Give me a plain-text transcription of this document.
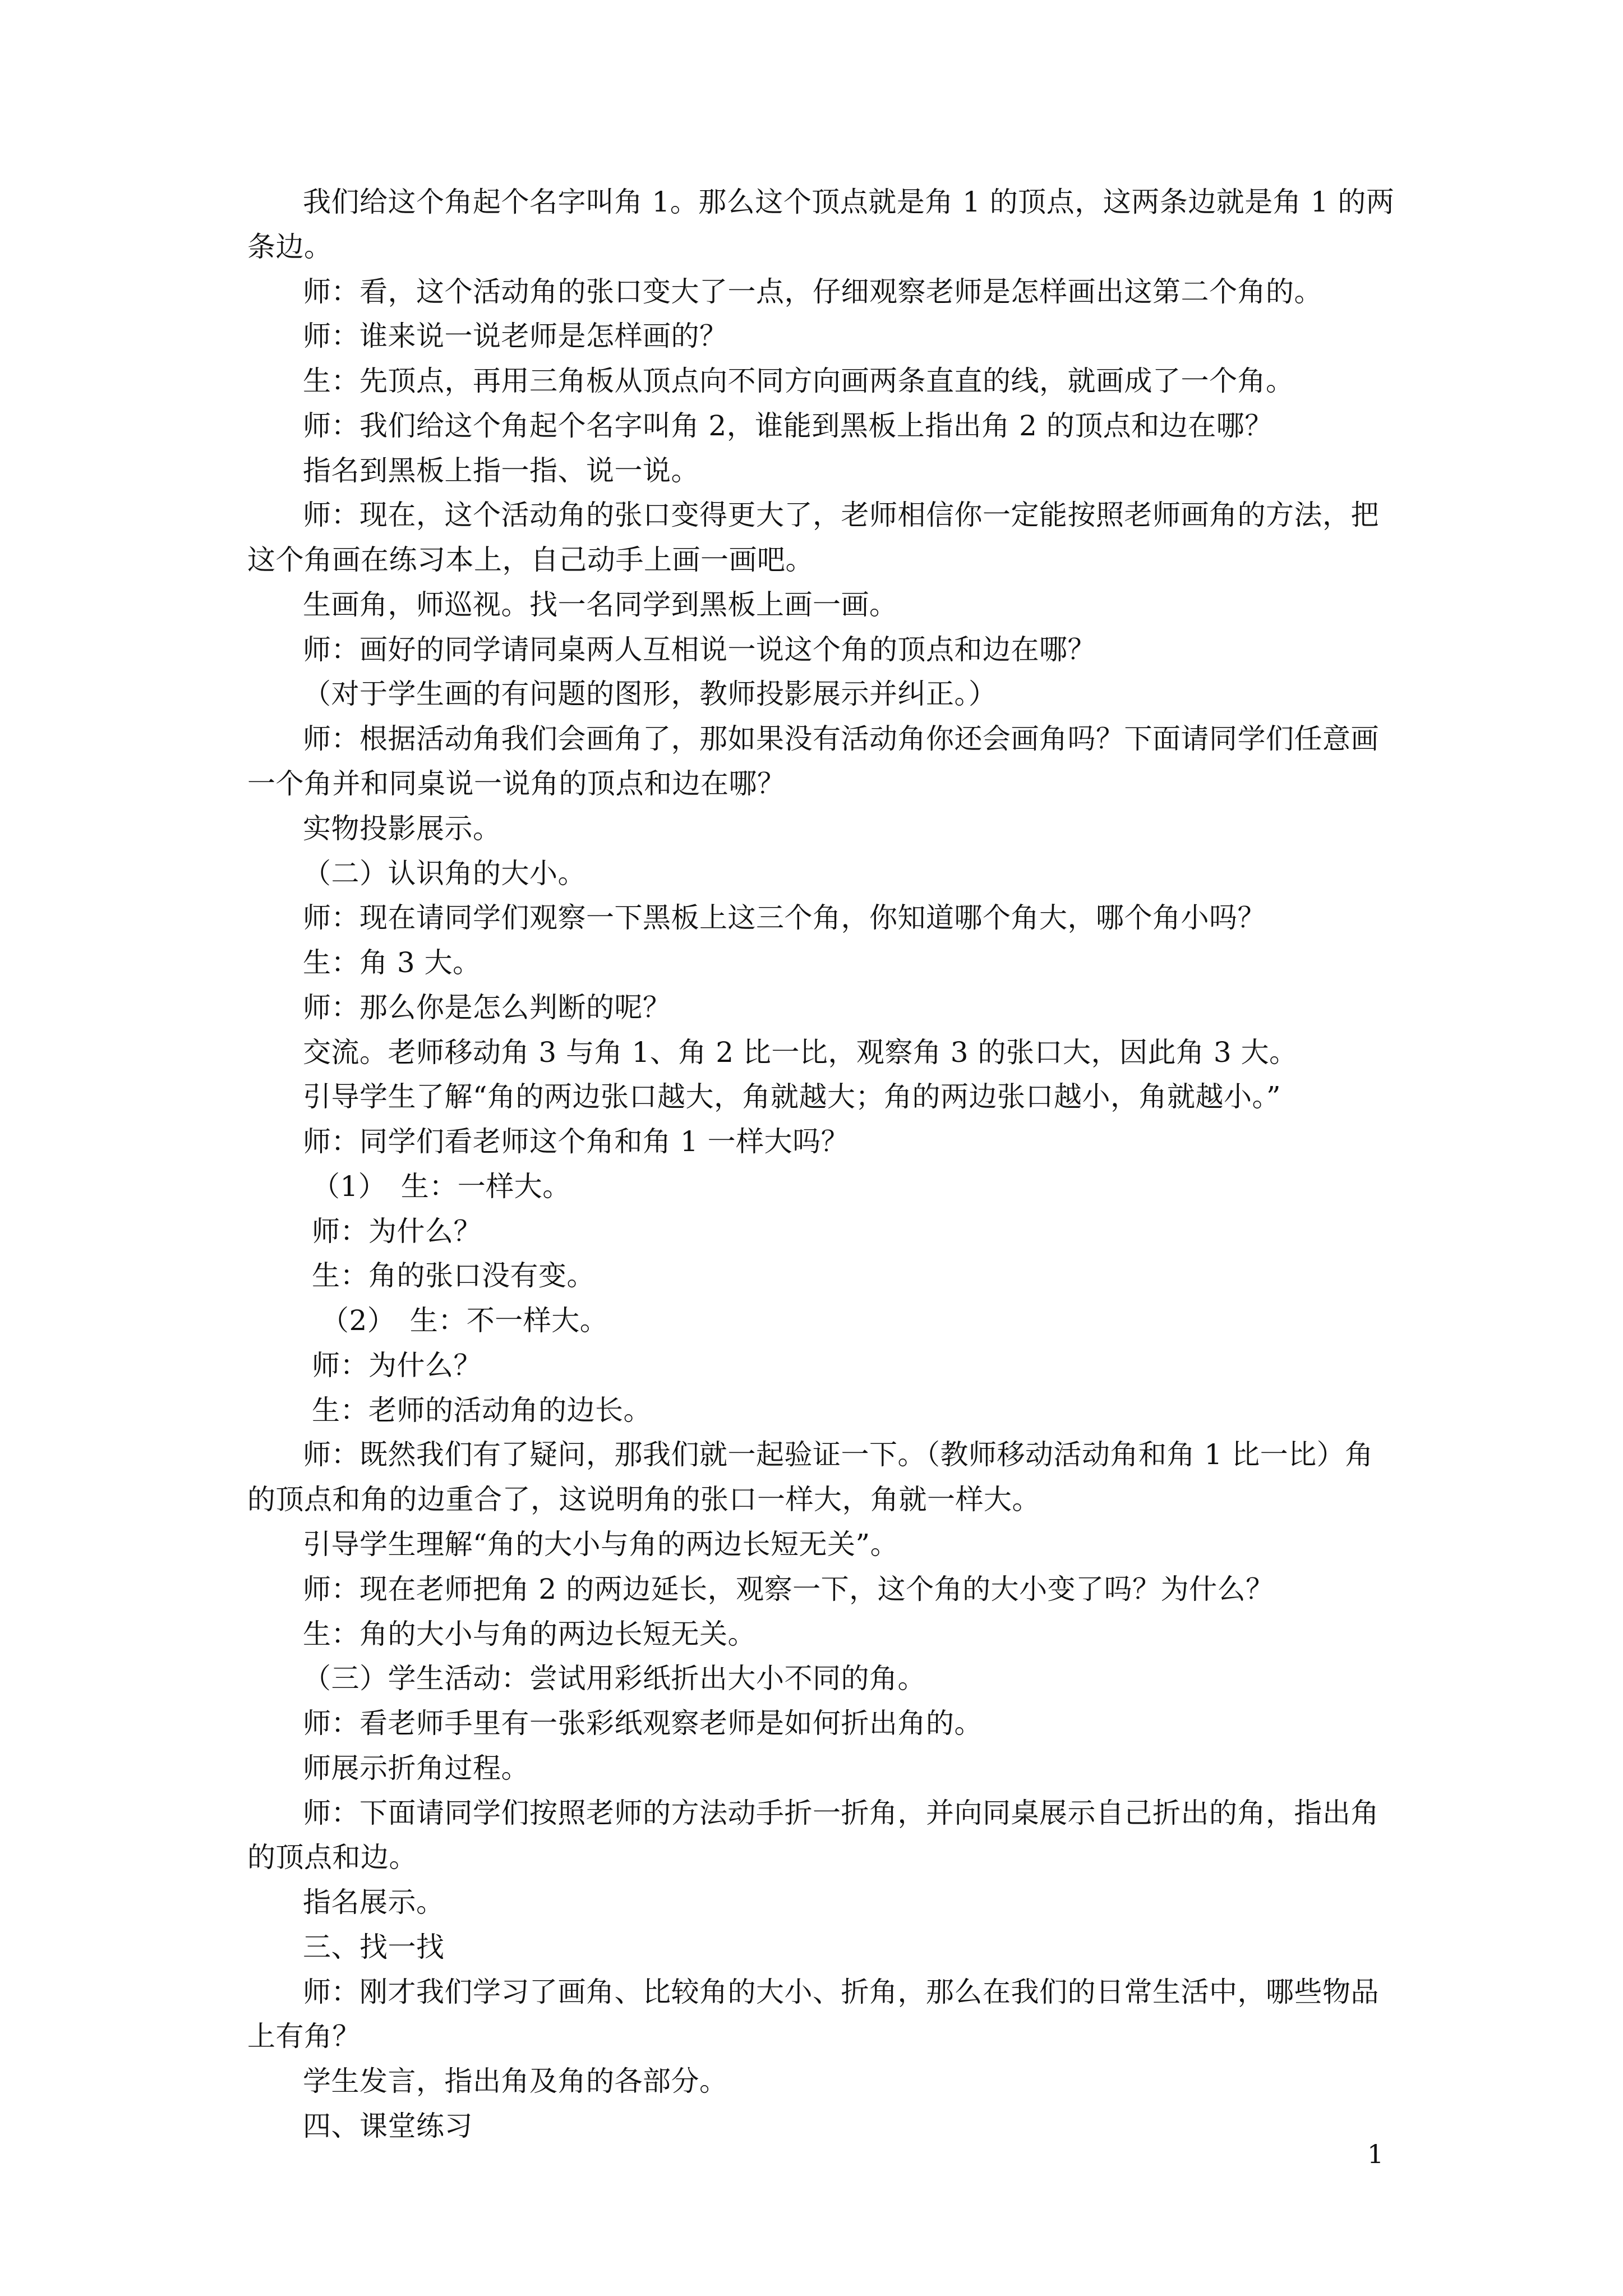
我们给这个角起个名字叫角 1。那么这个顶点就是角 1 的顶点，这两条边就是角 1 的两
条边。
师：看，这个活动角的张口变大了一点，仔细观察老师是怎样画出这第二个角的。
师：谁来说一说老师是怎样画的？
生：先顶点，再用三角板从顶点向不同方向画两条直直的线，就画成了一个角。
师：我们给这个角起个名字叫角 2，谁能到黑板上指出角 2 的顶点和边在哪？
指名到黑板上指一指、说一说。
师：现在，这个活动角的张口变得更大了，老师相信你一定能按照老师画角的方法，把
这个角画在练习本上，自己动手上画一画吧。
生画角，师巡视。找一名同学到黑板上画一画。
师：画好的同学请同桌两人互相说一说这个角的顶点和边在哪？
（对于学生画的有问题的图形，教师投影展示并纠正。）
师：根据活动角我们会画角了，那如果没有活动角你还会画角吗？下面请同学们任意画
一个角并和同桌说一说角的顶点和边在哪？
实物投影展示。
（二）认识角的大小。
师：现在请同学们观察一下黑板上这三个角，你知道哪个角大，哪个角小吗？
生：角 3 大。
师：那么你是怎么判断的呢？
交流。老师移动角 3 与角 1、角 2 比一比，观察角 3 的张口大，因此角 3 大。
引导学生了解“角的两边张口越大，角就越大；角的两边张口越小，角就越小。”
师：同学们看老师这个角和角 1 一样大吗？
（1）　生：一样大。
师：为什么？
生：角的张口没有变。
（2）　生：不一样大。
师：为什么？
生：老师的活动角的边长。
师：既然我们有了疑问，那我们就一起验证一下。（教师移动活动角和角 1 比一比）角
的顶点和角的边重合了，这说明角的张口一样大，角就一样大。
引导学生理解“角的大小与角的两边长短无关”。
师：现在老师把角 2 的两边延长，观察一下，这个角的大小变了吗？为什么？
生：角的大小与角的两边长短无关。
（三）学生活动：尝试用彩纸折出大小不同的角。
师：看老师手里有一张彩纸观察老师是如何折出角的。
师展示折角过程。
师：下面请同学们按照老师的方法动手折一折角，并向同桌展示自己折出的角，指出角
的顶点和边。
指名展示。
三、找一找
师：刚才我们学习了画角、比较角的大小、折角，那么在我们的日常生活中，哪些物品
上有角？
学生发言，指出角及角的各部分。
四、课堂练习
1
